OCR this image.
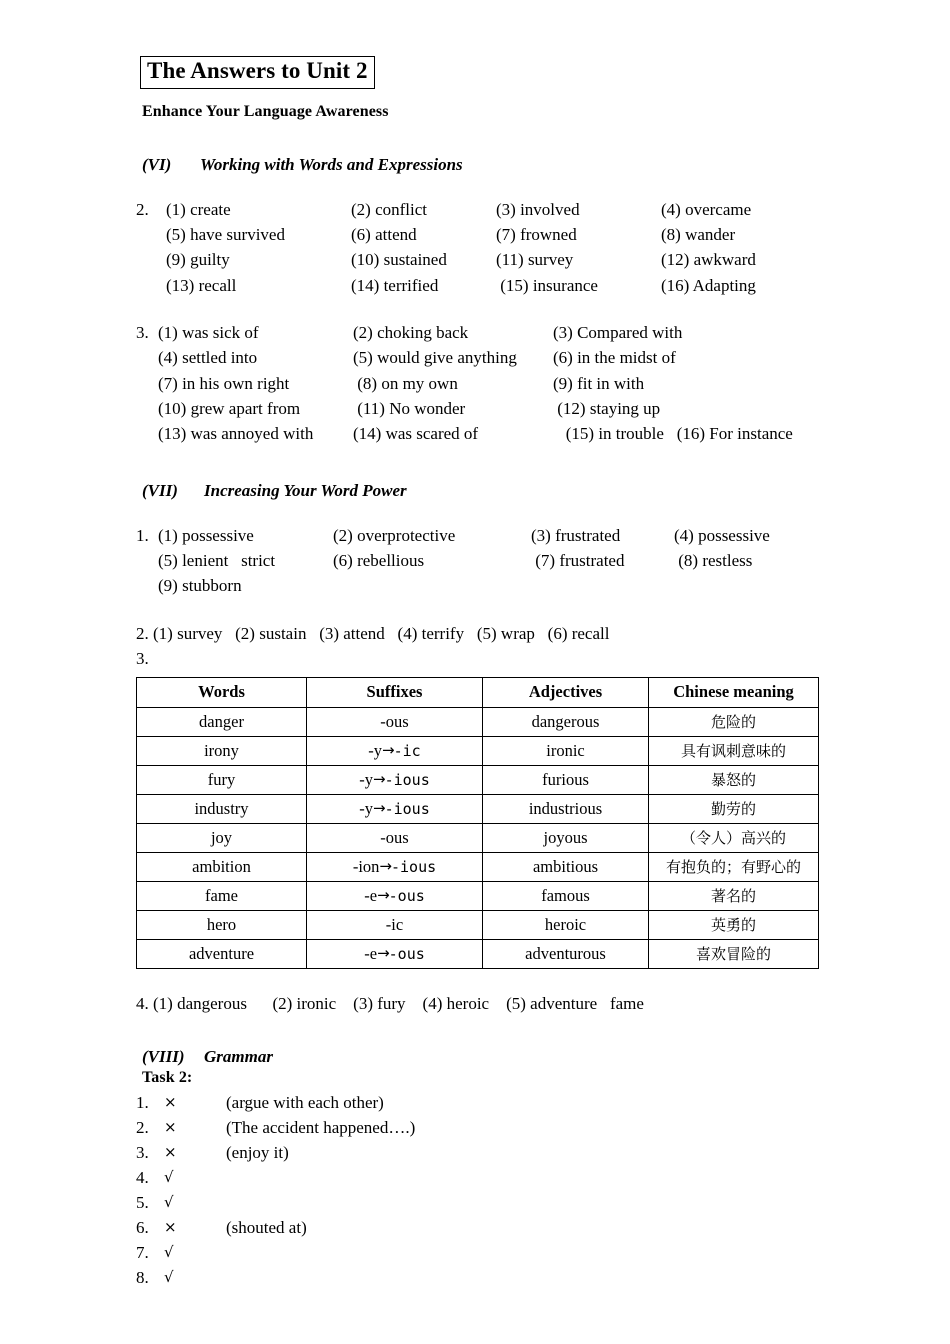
The Answers to Unit 2
Enhance Your Language Awareness
(VI) Working with Words and Expressions
2.	(1) create	(2) conflict	(3) involved	(4) overcame
(5) have survived	(6) attend	(7) frowned	(8) wander
(9) guilty	(10) sustained	(11) survey	(12) awkward
(13) recall	(14) terrified	(15) insurance	(16) Adapting
3. (1) was sick of	(2) choking back	(3) Compared with
(4) settled into	(5) would give anything	(6) in the midst of
(7) in his own right	(8) on my own	(9) fit in with
(10) grew apart from	(11) No wonder	(12) staying up
(13) was annoyed with	(14) was scared of	(15) in trouble   (16) For instance
(VII) Increasing Your Word Power
1. (1) possessive	(2) overprotective	(3) frustrated	(4) possessive
(5) lenient   strict	(6) rebellious	(7) frustrated	(8) restless
(9) stubborn
2. (1) survey   (2) sustain   (3) attend   (4) terrify   (5) wrap   (6) recall
3.
Words	Suffixes	Adjectives	Chinese meaning
danger	-ous	dangerous	危险的
irony	-y→-ic	ironic	具有讽刺意味的
fury	-y→-ious	furious	暴怒的
industry	-y→-ious	industrious	勤劳的
joy	-ous	joyous	（令人）高兴的
ambition	-ion→-ious	ambitious	有抱负的；有野心的
fame	-e→-ous	famous	著名的
hero	-ic	heroic	英勇的
adventure	-e→-ous	adventurous	喜欢冒险的
4. (1) dangerous      (2) ironic    (3) fury    (4) heroic    (5) adventure   fame
(VIII) Grammar
Task 2:
1.	×	(argue with each other)
2.	×	(The accident happened….)
3.	×	(enjoy it)
4.	√
5.	√
6.	×	(shouted at)
7.	√
8.	√
